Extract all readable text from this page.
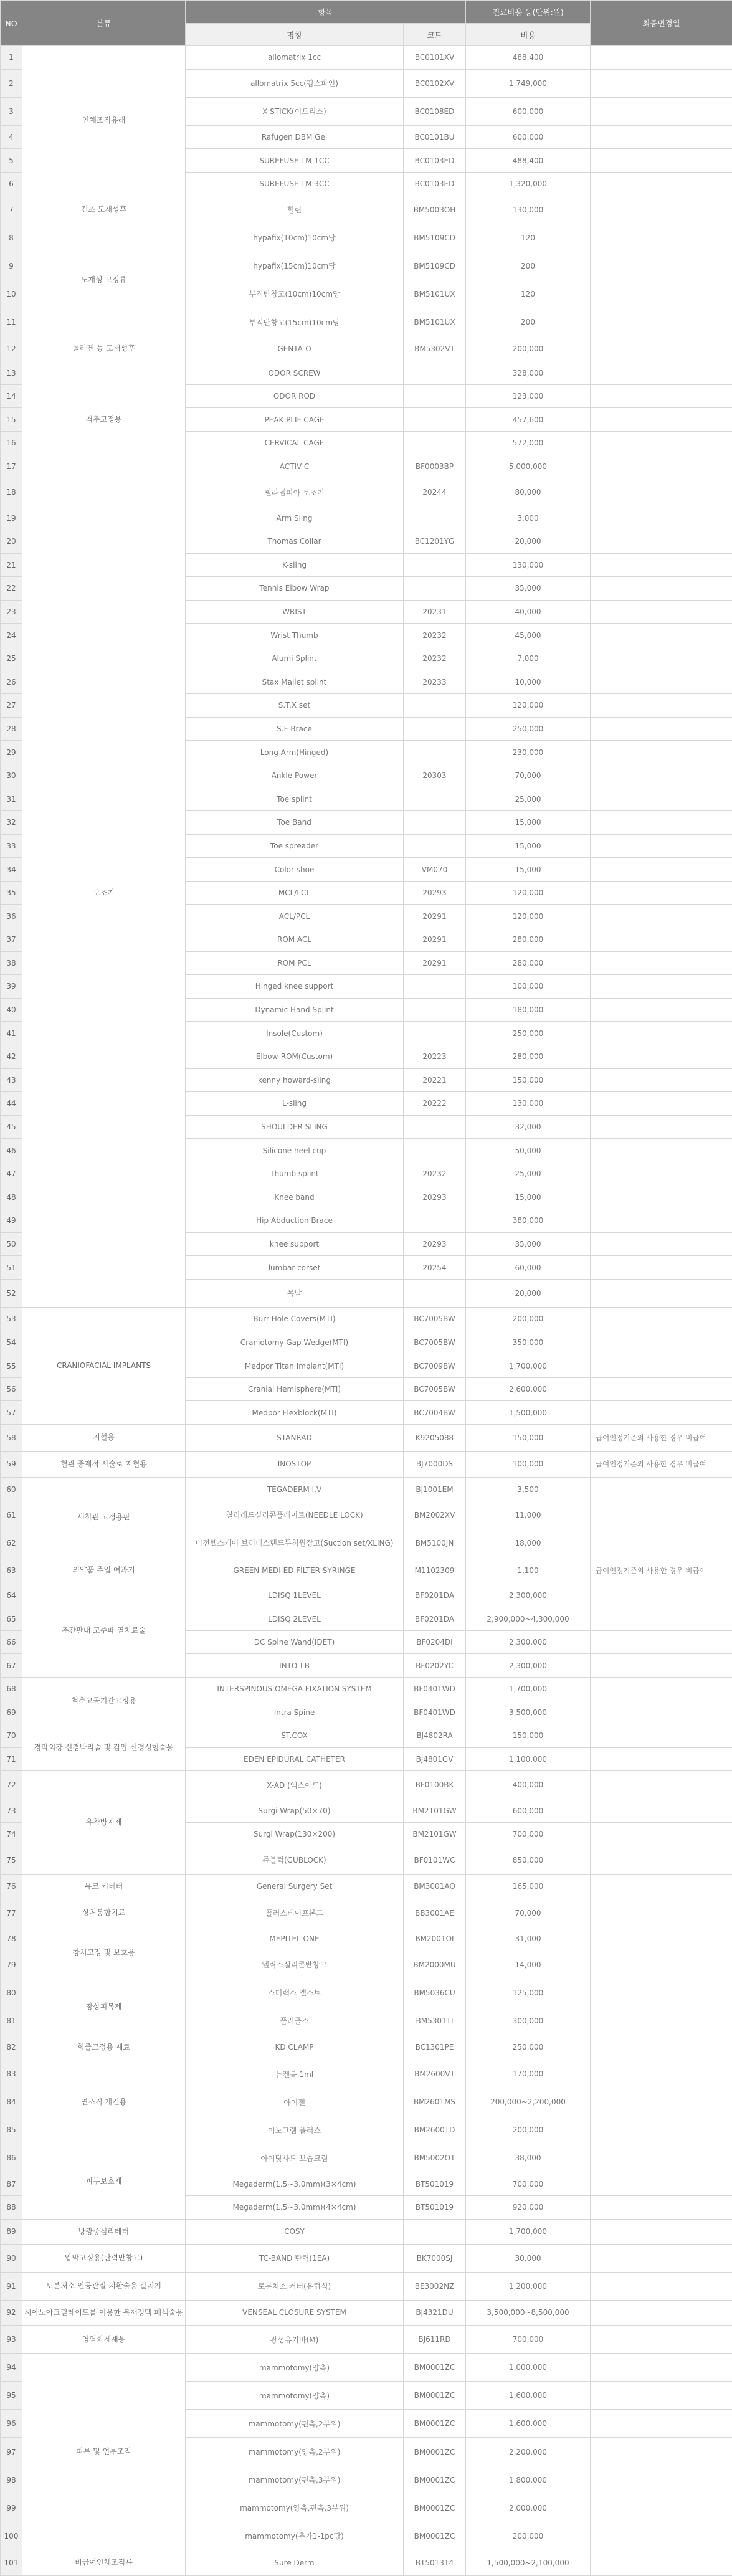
NO	분류	항목		진료비용 등(단위:원)	최종변경일
		명칭	코드	비용	
1	인체조직유래	allomatrix 1cc	BC0101XV	488,400	
2		allomatrix 5cc(펌스파인)	BC0102XV	1,749,000	
3		X-STICK(이트리스)	BC0108ED	600,000	
4		Rafugen DBM Gel	BC0101BU	600,000	
5		SUREFUSE-TM 1CC	BC0103ED	488,400	
6		SUREFUSE-TM 3CC	BC0103ED	1,320,000	
7	견초 도재성후	힐린	BM5003OH	130,000	
8	도재성 고정류	hypafix(10cm)10cm당	BM5109CD	120	
9		hypafix(15cm)10cm당	BM5109CD	200	
10		부직반창고(10cm)10cm당	BM5101UX	120	
11		부직반창고(15cm)10cm당	BM5101UX	200	
12	콜라겐 등 도재성후	GENTA-O	BM5302VT	200,000	
13	척추고정용	ODOR SCREW		328,000	
14		ODOR ROD		123,000	
15		PEAK PLIF CAGE		457,600	
16		CERVICAL CAGE		572,000	
17		ACTIV-C	BF0003BP	5,000,000	
18	보조기	필라델피아 보조기	20244	80,000	
19		Arm Sling		3,000	
20		Thomas Collar	BC1201YG	20,000	
21		K-sling		130,000	
22		Tennis Elbow Wrap		35,000	
23		WRIST	20231	40,000	
24		Wrist Thumb	20232	45,000	
25		Alumi Splint	20232	7,000	
26		Stax Mallet splint	20233	10,000	
27		S.T.X set		120,000	
28		S.F Brace		250,000	
29		Long Arm(Hinged)		230,000	
30		Ankle Power	20303	70,000	
31		Toe splint		25,000	
32		Toe Band		15,000	
33		Toe spreader		15,000	
34		Color shoe	VM070	15,000	
35		MCL/LCL	20293	120,000	
36		ACL/PCL	20291	120,000	
37		ROM ACL	20291	280,000	
38		ROM PCL	20291	280,000	
39		Hinged knee support		100,000	
40		Dynamic Hand Splint		180,000	
41		Insole(Custom)		250,000	
42		Elbow-ROM(Custom)	20223	280,000	
43		kenny howard-sling	20221	150,000	
44		L-sling	20222	130,000	
45		SHOULDER SLING		32,000	
46		Silicone heel cup		50,000	
47		Thumb splint	20232	25,000	
48		Knee band	20293	15,000	
49		Hip Abduction Brace		380,000	
50		knee support	20293	35,000	
51		lumbar corset	20254	60,000	
52		목발		20,000	
53	CRANIOFACIAL IMPLANTS	Burr Hole Covers(MTI)	BC7005BW	200,000	
54		Craniotomy Gap Wedge(MTI)	BC7005BW	350,000	
55		Medpor Titan Implant(MTI)	BC7009BW	1,700,000	
56		Cranial Hemisphere(MTI)	BC7005BW	2,600,000	
57		Medpor Flexblock(MTI)	BC7004BW	1,500,000	
58	지혈용	STANRAD	K9205088	150,000	급여인정기준외 사용한 경우 비급여
59	혈관 중재적 시술로 지혈용	INOSTOP	BJ7000DS	100,000	급여인정기준외 사용한 경우 비급여
60	세척관 고정용판	TEGADERM I.V	BJ1001EM	3,500	
61		칠리레드실리콘플레이트(NEEDLE LOCK)	BM2002XV	11,000	
62		비전헬스케어 브리테스탠드투척원장고(Suction set/XLING)	BM5100JN	18,000	
63	의약품 주입 여과기	GREEN MEDI ED FILTER SYRINGE	M1102309	1,100	급여인정기준외 사용한 경우 비급여
64	추간판내 고주파 열치료술	LDISQ 1LEVEL	BF0201DA	2,300,000	
65		LDISQ 2LEVEL	BF0201DA	2,900,000~4,300,000	
66		DC Spine Wand(IDET)	BF0204DI	2,300,000	
67		INTO-LB	BF0202YC	2,300,000	
68	척추고돌기간고정용	INTERSPINOUS OMEGA FIXATION SYSTEM	BF0401WD	1,700,000	
69		Intra Spine	BF0401WD	3,500,000	
70	경막외강 신경박리술 및 감압 신경성형술용	ST.COX	BJ4802RA	150,000	
71		EDEN EPIDURAL CATHETER	BJ4801GV	1,100,000	
72	유착방지제	X-AD (엑스아드)	BF0100BK	400,000	
73		Surgi Wrap(50×70)	BM2101GW	600,000	
74		Surgi Wrap(130×200)	BM2101GW	700,000	
75		쥬블럭(GUBLOCK)	BF0101WC	850,000	
76	뮤코 키테터	General Surgery Set	BM3001AO	165,000	
77	상처봉합치료	플러스테이프본드	BB3001AE	70,000	
78	창처고정 및 보호용	MEPITEL ONE	BM2001OI	31,000	
79		엘릭스실리콘반창고	BM2000MU	14,000	
80	창상피복제	스터랙스 엘스트	BM5036CU	125,000	
81		플러플스	BM5301TI	300,000	
82	힘줄고정용 재료	KD CLAMP	BC1301PE	250,000	
83	연조직 재건용	뉴켄블 1ml	BM2600VT	170,000	
84		아이젠	BM2601MS	200,000~2,200,000	
85		이노그램 플러스	BM2600TD	200,000	
86	피부보호제	아이닷사드 보습크림	BM5002OT	38,000	
87		Megaderm(1.5~3.0mm)(3×4cm)	BT501019	700,000	
88		Megaderm(1.5~3.0mm)(4×4cm)	BT501019	920,000	
89	방광중심리테터	COSY		1,700,000	
90	압박고정용(탄력반창고)	TC-BAND 탄력(1EA)	BK7000SJ	30,000	
91	토분처소 인공관절 치환술용 갈치기	토분처소 커터(유럽식)	BE3002NZ	1,200,000	
92	시아노아크릴레이트를 이용한 복재정맥 폐색술용	VENSEAL CLOSURE SYSTEM	BJ4321DU	3,500,000~8,500,000	
93	영역화제재용	광성유키바(M)	BJ611RD	700,000	
94	피부 및 연부조직	mammotomy(양측)	BM0001ZC	1,000,000	
95		mammotomy(양측)	BM0001ZC	1,600,000	
96		mammotomy(편측,2부위)	BM0001ZC	1,600,000	
97		mammotomy(양측,2부위)	BM0001ZC	2,200,000	
98		mammotomy(편측,3부위)	BM0001ZC	1,800,000	
99		mammotomy(양측,편측,3부위)	BM0001ZC	2,000,000	
100		mammotomy(추가1-1pc당)	BM0001ZC	200,000	
101	비급여인체조직류	Sure Derm	BT501314	1,500,000~2,100,000	
